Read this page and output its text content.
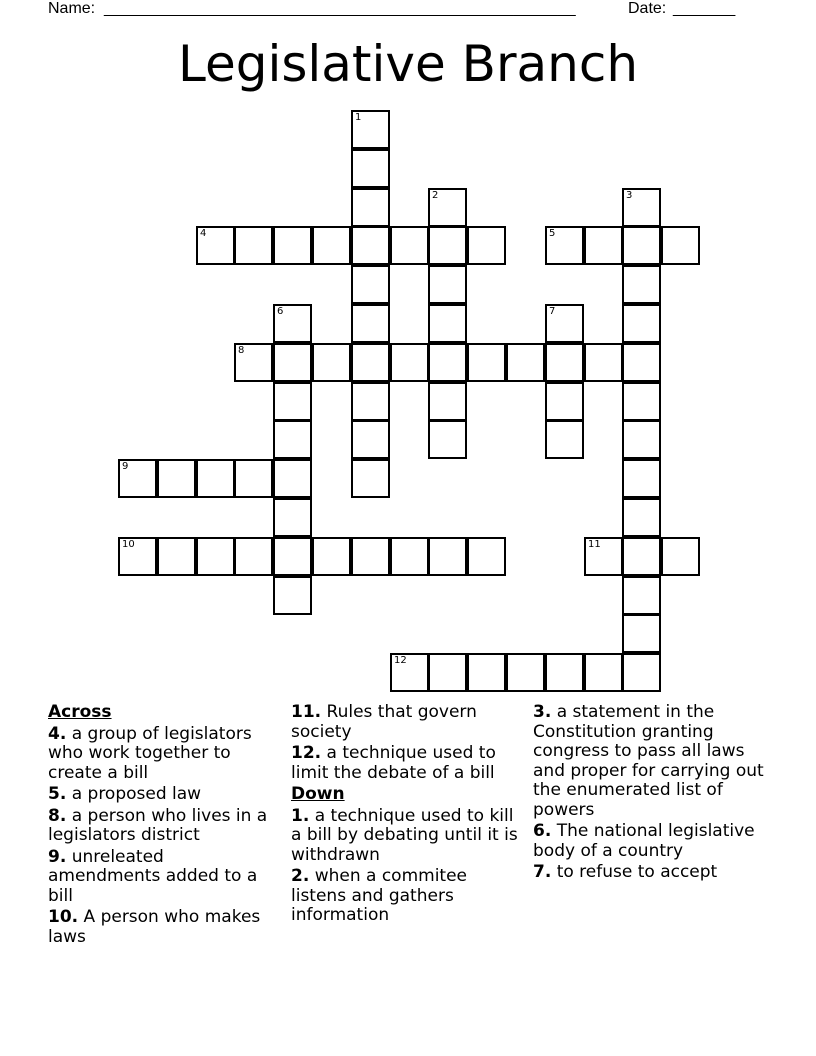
Name: _____________________________________________________	Date: _______
Legislative Branch
1
2	3
4	5
6	7
8
9
10	11
12
Across
4. a group of legislators who work together to create a bill
5. a proposed law
8. a person who lives in a legislators district
9. unreleated amendments added to a bill
10. A person who makes laws
11. Rules that govern society
12. a technique used to limit the debate of a bill
Down
1. a technique used to kill a bill by debating until it is withdrawn
2. when a commitee listens and gathers information
3. a statement in the Constitution granting congress to pass all laws and proper for carrying out the enumerated list of powers
6. The national legislative body of a country
7. to refuse to accept
